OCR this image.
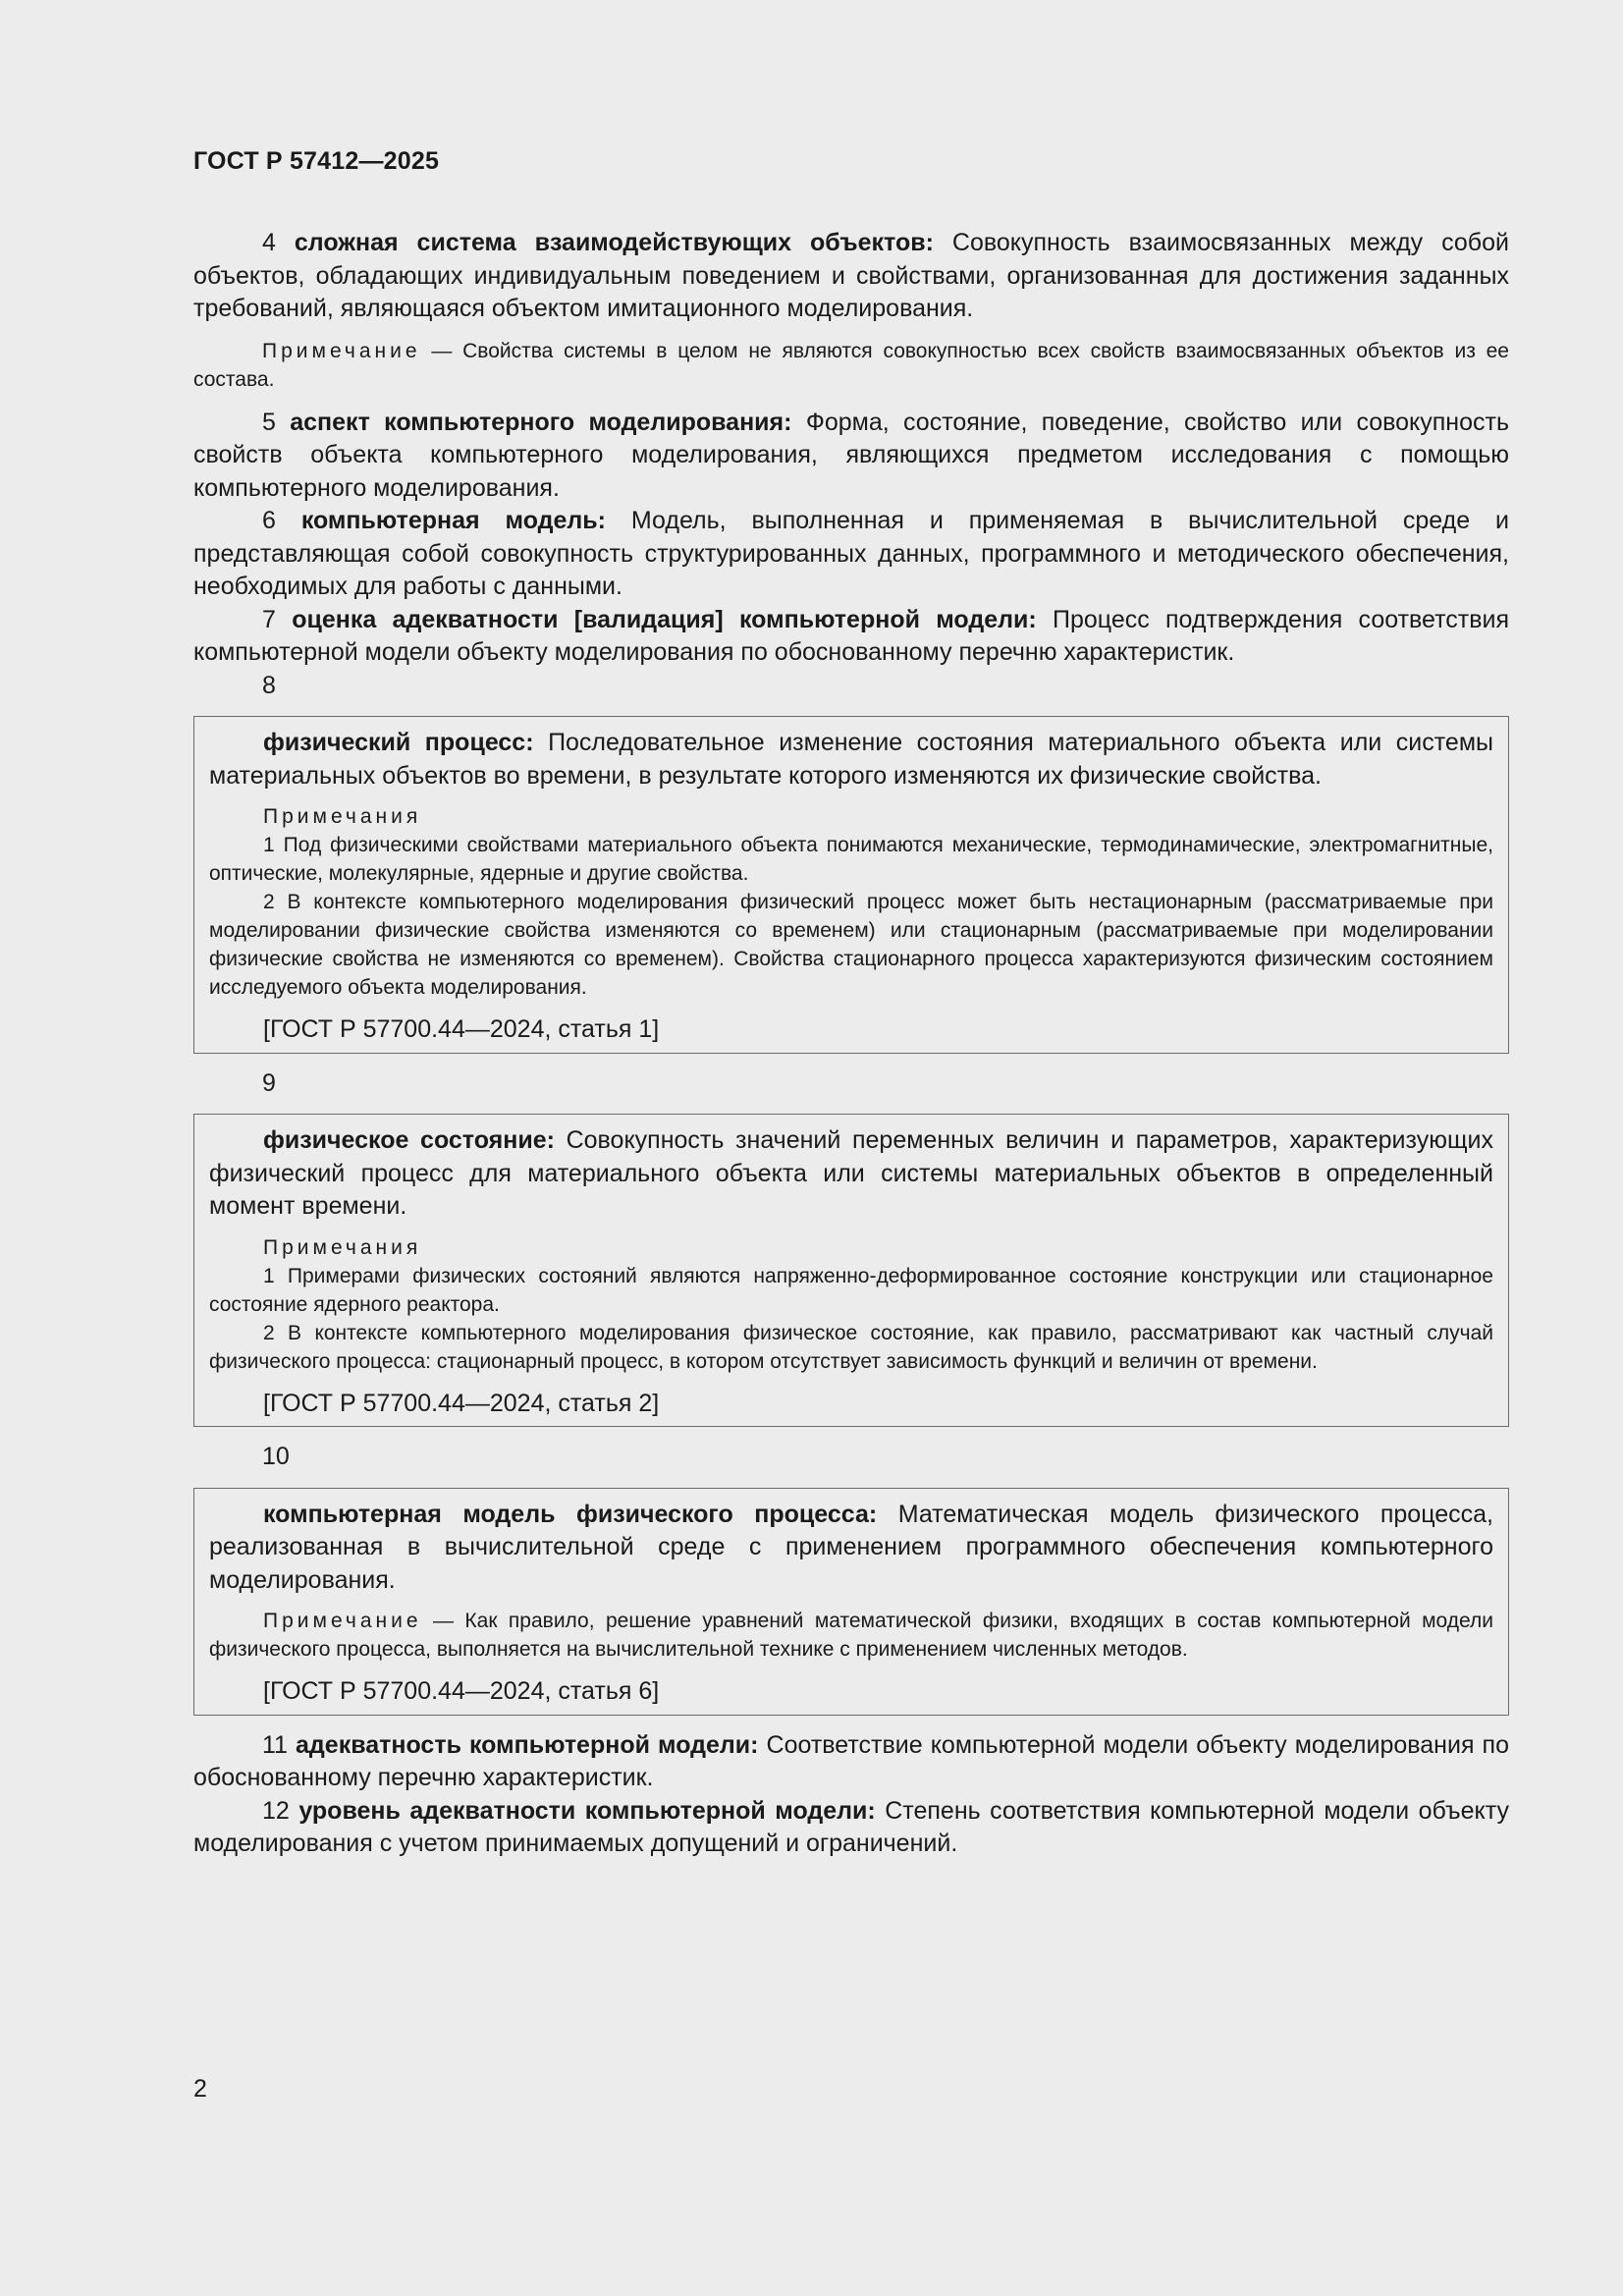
ГОСТ Р 57412—2025

4 сложная система взаимодействующих объектов: Совокупность взаимосвязанных между собой объектов, обладающих индивидуальным поведением и свойствами, организованная для достижения заданных требований, являющаяся объектом имитационного моделирования.

Примечание — Свойства системы в целом не являются совокупностью всех свойств взаимосвязанных объектов из ее состава.

5 аспект компьютерного моделирования: Форма, состояние, поведение, свойство или совокупность свойств объекта компьютерного моделирования, являющихся предметом исследования с помощью компьютерного моделирования.

6 компьютерная модель: Модель, выполненная и применяемая в вычислительной среде и представляющая собой совокупность структурированных данных, программного и методического обеспечения, необходимых для работы с данными.

7 оценка адекватности [валидация] компьютерной модели: Процесс подтверждения соответствия компьютерной модели объекту моделирования по обоснованному перечню характеристик.

8

физический процесс: Последовательное изменение состояния материального объекта или системы материальных объектов во времени, в результате которого изменяются их физические свойства.

Примечания

1 Под физическими свойствами материального объекта понимаются механические, термодинамические, электромагнитные, оптические, молекулярные, ядерные и другие свойства.

2 В контексте компьютерного моделирования физический процесс может быть нестационарным (рассматриваемые при моделировании физические свойства изменяются со временем) или стационарным (рассматриваемые при моделировании физические свойства не изменяются со временем). Свойства стационарного процесса характеризуются физическим состоянием исследуемого объекта моделирования.

[ГОСТ Р 57700.44—2024, статья 1]

9

физическое состояние: Совокупность значений переменных величин и параметров, характеризующих физический процесс для материального объекта или системы материальных объектов в определенный момент времени.

Примечания

1 Примерами физических состояний являются напряженно-деформированное состояние конструкции или стационарное состояние ядерного реактора.

2 В контексте компьютерного моделирования физическое состояние, как правило, рассматривают как частный случай физического процесса: стационарный процесс, в котором отсутствует зависимость функций и величин от времени.

[ГОСТ Р 57700.44—2024, статья 2]

10

компьютерная модель физического процесса: Математическая модель физического процесса, реализованная в вычислительной среде с применением программного обеспечения компьютерного моделирования.

Примечание — Как правило, решение уравнений математической физики, входящих в состав компьютерной модели физического процесса, выполняется на вычислительной технике с применением численных методов.

[ГОСТ Р 57700.44—2024, статья 6]

11 адекватность компьютерной модели: Соответствие компьютерной модели объекту моделирования по обоснованному перечню характеристик.

12 уровень адекватности компьютерной модели: Степень соответствия компьютерной модели объекту моделирования с учетом принимаемых допущений и ограничений.

2
